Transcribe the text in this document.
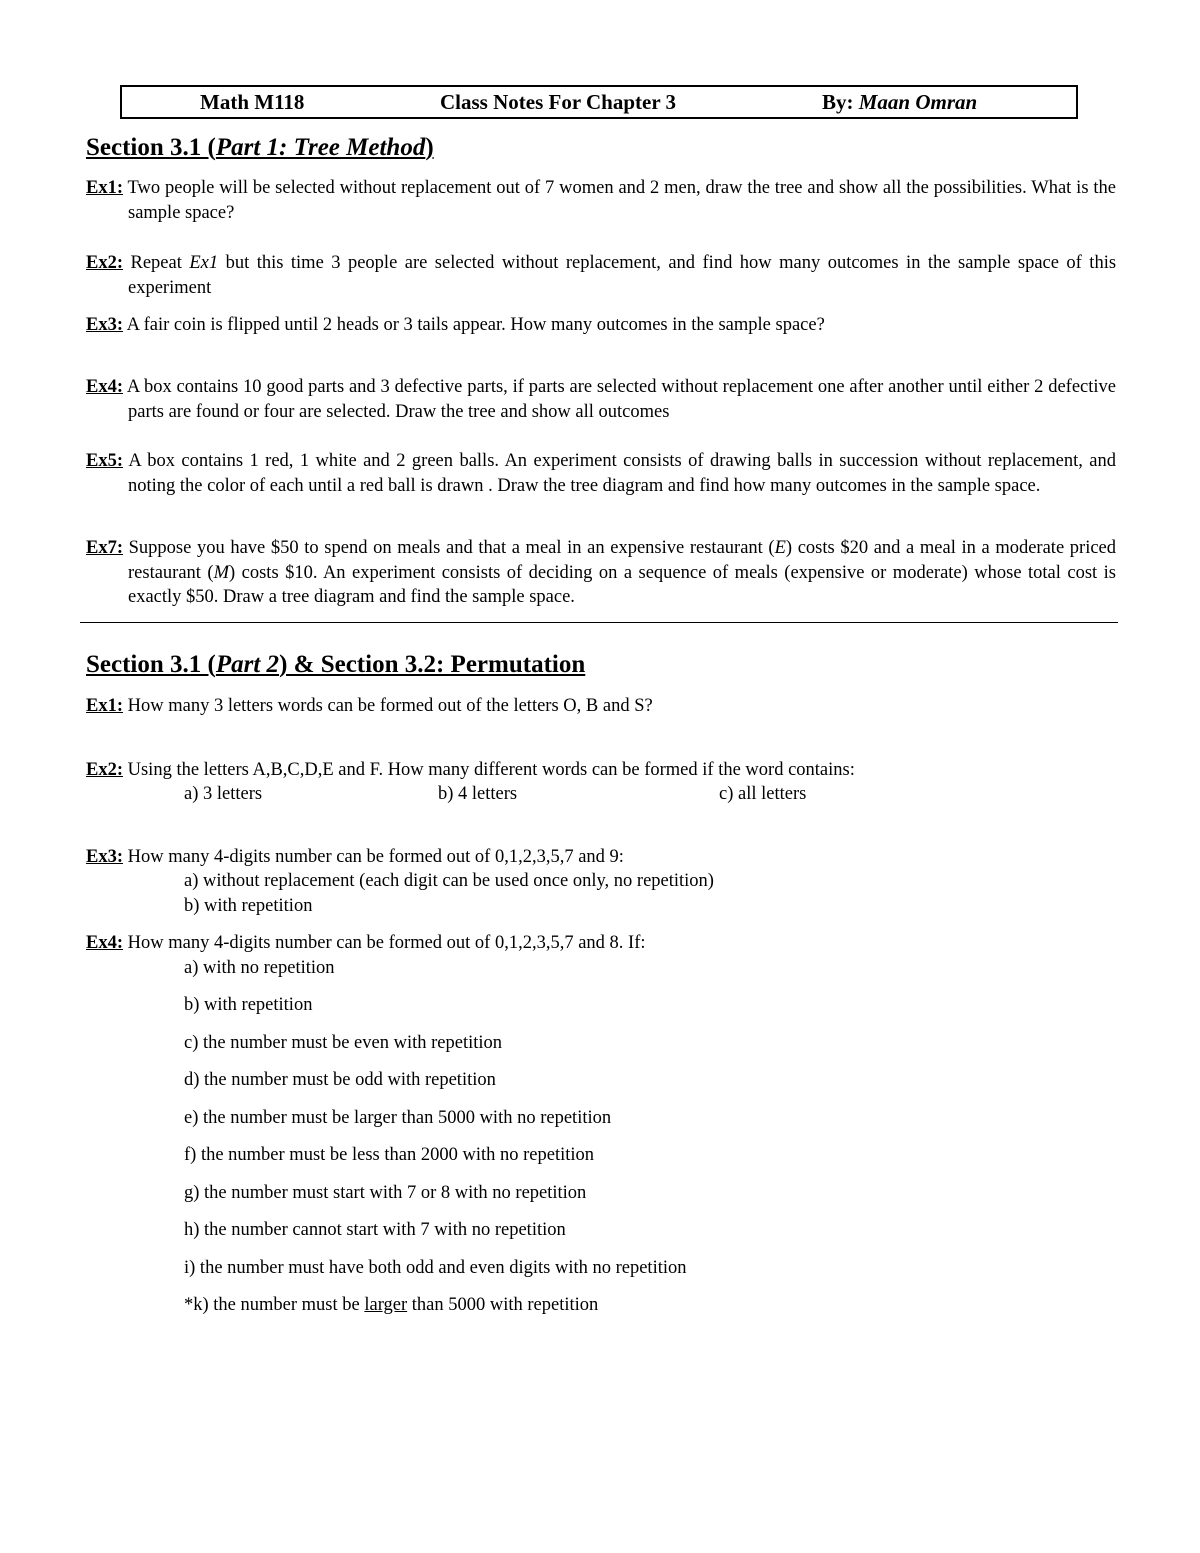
Math M118	Class Notes For Chapter 3	By: Maan Omran
Section 3.1 (Part 1: Tree Method)
Ex1: Two people will be selected without replacement out of 7 women and 2 men, draw the tree and show all the possibilities. What is the sample space?
Ex2: Repeat Ex1 but this time 3 people are selected without replacement, and find how many outcomes in the sample space of this experiment
Ex3: A fair coin is flipped until 2 heads or 3 tails appear. How many outcomes in the sample space?
Ex4: A box contains 10 good parts and 3 defective parts, if parts are selected without replacement one after another until either 2 defective parts are found or four are selected. Draw the tree and show all outcomes
Ex5: A box contains 1 red, 1 white and 2 green balls. An experiment consists of drawing balls in succession without replacement, and noting the color of each until a red ball is drawn . Draw the tree diagram and find how many outcomes in the sample space.
Ex7: Suppose you have $50 to spend on meals and that a meal in an expensive restaurant (E) costs $20 and a meal in a moderate priced restaurant (M) costs $10. An experiment consists of deciding on a sequence of meals (expensive or moderate) whose total cost is exactly $50. Draw a tree diagram and find the sample space.
Section 3.1 (Part 2) & Section 3.2: Permutation
Ex1: How many 3 letters words can be formed out of the letters O, B and S?
Ex2: Using the letters A,B,C,D,E and F. How many different words can be formed if the word contains:
a) 3 letters	b) 4 letters	c) all letters
Ex3: How many 4-digits number can be formed out of 0,1,2,3,5,7 and 9:
a) without replacement (each digit can be used once only, no repetition)
b) with repetition
Ex4: How many 4-digits number can be formed out of 0,1,2,3,5,7 and 8. If:
a) with no repetition
b) with repetition
c) the number must be even with repetition
d) the number must be odd with repetition
e) the number must be larger than 5000 with no repetition
f) the number must be less than 2000 with no repetition
g) the number must start with 7 or 8 with no repetition
h) the number cannot start with 7 with no repetition
i) the number must have both odd and even digits with no repetition
*k) the number must be larger than 5000 with repetition
